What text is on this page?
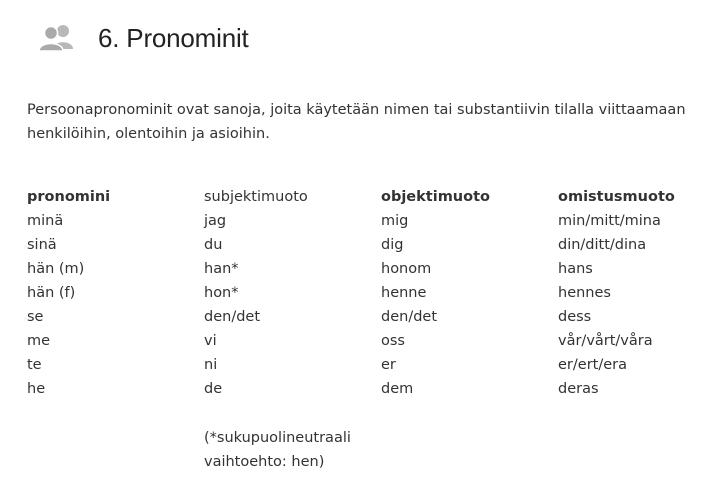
6. Pronominit

Persoonapronominit ovat sanoja, joita käytetään nimen tai substantiivin tilalla viittaamaan henkilöihin, olentoihin ja asioihin.

pronomini	subjektimuoto	objektimuoto	omistusmuoto
minä	jag	mig	min/mitt/mina
sinä	du	dig	din/ditt/dina
hän (m)	han*	honom	hans
hän (f)	hon*	henne	hennes
se	den/det	den/det	dess
me	vi	oss	vår/vårt/våra
te	ni	er	er/ert/era
he	de	dem	deras
(*sukupuolineutraali
vaihtoehto: hen)
